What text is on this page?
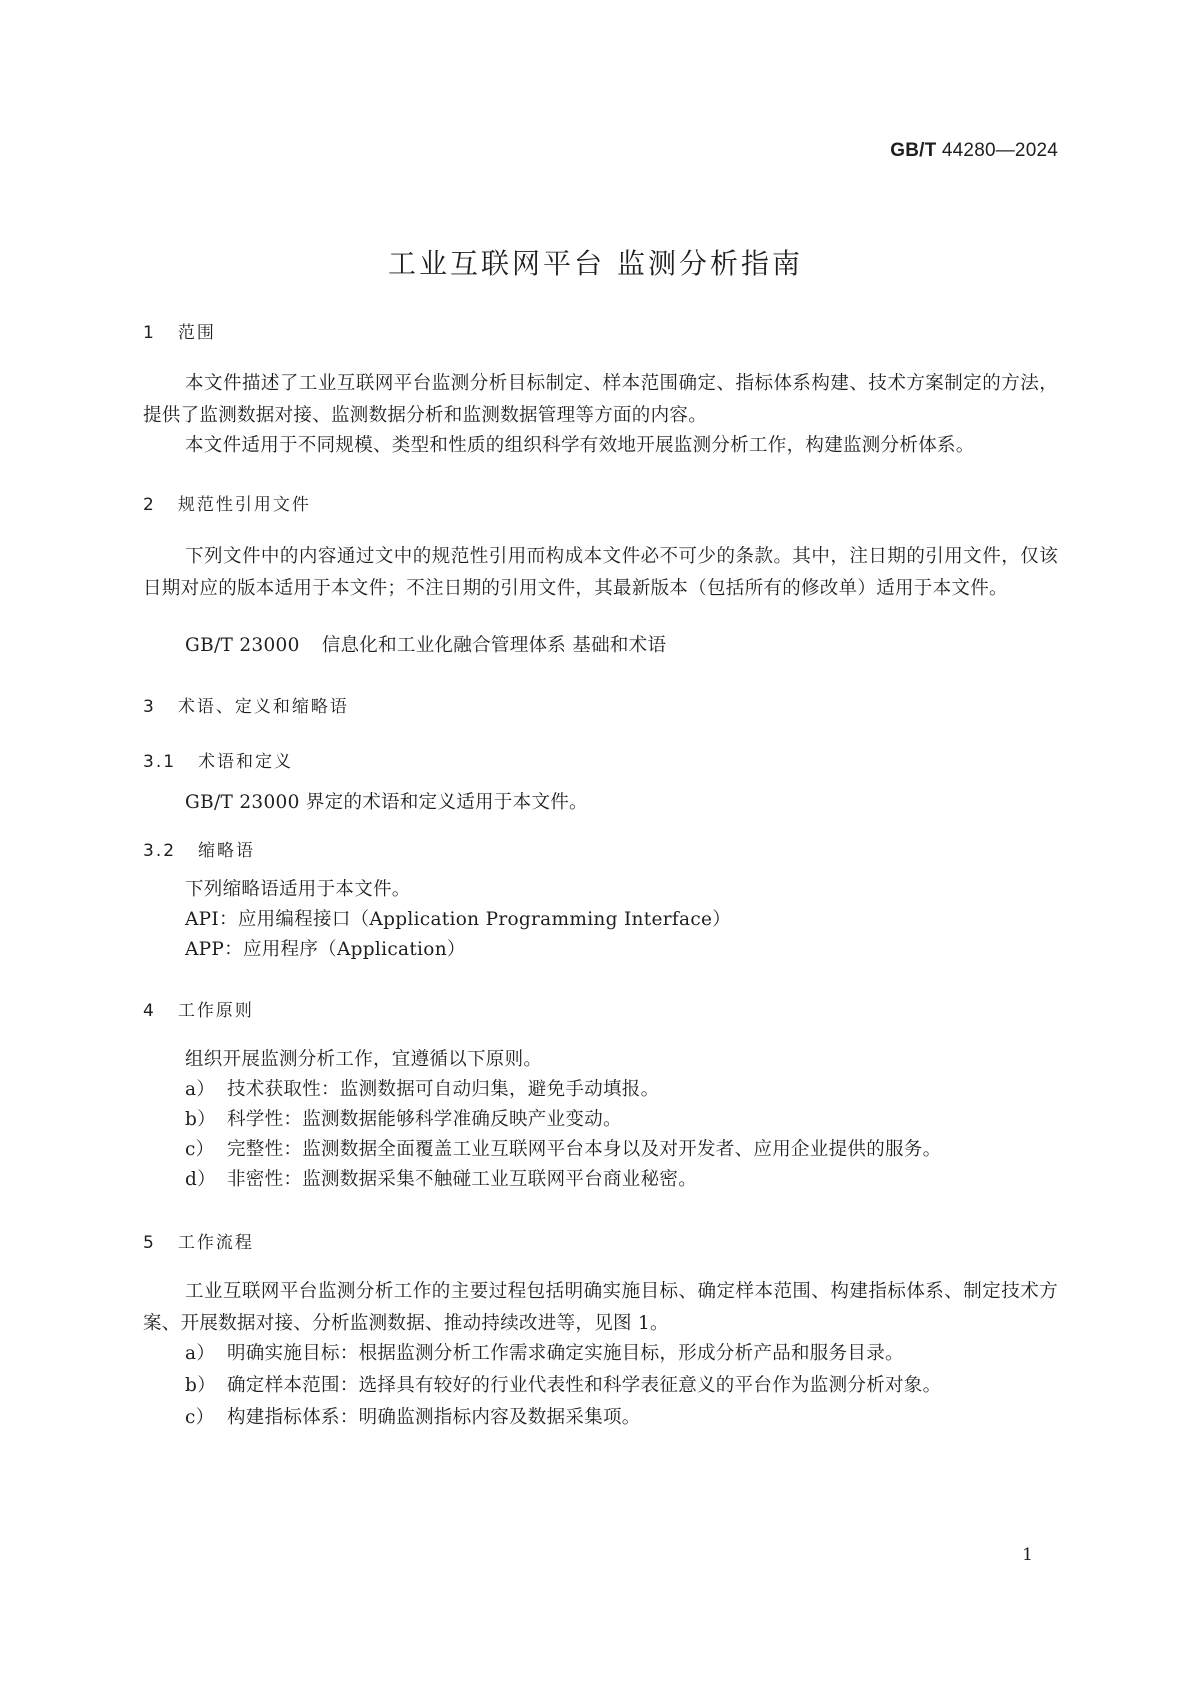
GB/T 44280—2024
工业互联网平台 监测分析指南
1 范围

本文件描述了工业互联网平台监测分析目标制定、样本范围确定、指标体系构建、技术方案制定的方法，提供了监测数据对接、监测数据分析和监测数据管理等方面的内容。

本文件适用于不同规模、类型和性质的组织科学有效地开展监测分析工作，构建监测分析体系。

2 规范性引用文件

下列文件中的内容通过文中的规范性引用而构成本文件必不可少的条款。其中，注日期的引用文件，仅该日期对应的版本适用于本文件；不注日期的引用文件，其最新版本（包括所有的修改单）适用于本文件。

GB/T 23000 信息化和工业化融合管理体系 基础和术语
3 术语、定义和缩略语
3.1 术语和定义
GB/T 23000 界定的术语和定义适用于本文件。
3.2 缩略语
下列缩略语适用于本文件。
API：应用编程接口（Application Programming Interface）
APP：应用程序（Application）
4 工作原则
组织开展监测分析工作，宜遵循以下原则。
a） 技术获取性：监测数据可自动归集，避免手动填报。
b） 科学性：监测数据能够科学准确反映产业变动。
c） 完整性：监测数据全面覆盖工业互联网平台本身以及对开发者、应用企业提供的服务。
d） 非密性：监测数据采集不触碰工业互联网平台商业秘密。
5 工作流程

工业互联网平台监测分析工作的主要过程包括明确实施目标、确定样本范围、构建指标体系、制定技术方案、开展数据对接、分析监测数据、推动持续改进等，见图 1。

a） 明确实施目标：根据监测分析工作需求确定实施目标，形成分析产品和服务目录。
b） 确定样本范围：选择具有较好的行业代表性和科学表征意义的平台作为监测分析对象。
c） 构建指标体系：明确监测指标内容及数据采集项。
1
